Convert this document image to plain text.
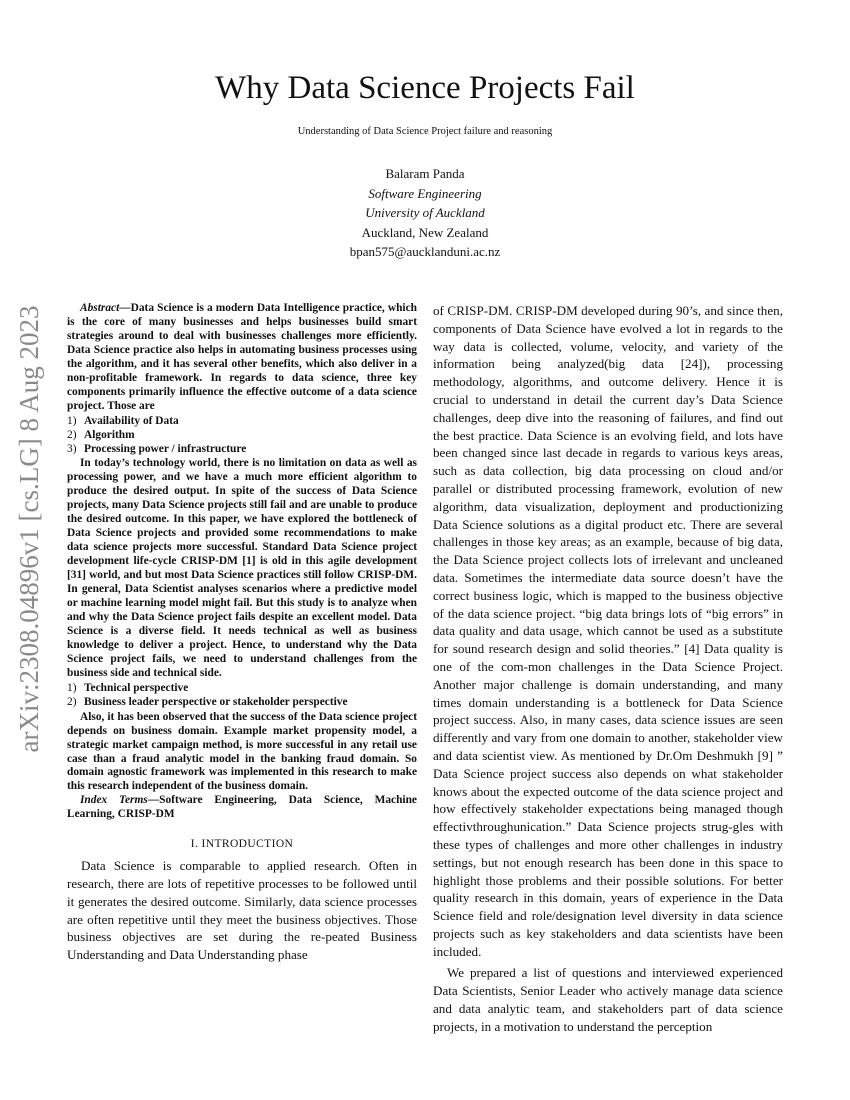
Why Data Science Projects Fail
Understanding of Data Science Project failure and reasoning
Balaram Panda
Software Engineering
University of Auckland
Auckland, New Zealand
bpan575@aucklanduni.ac.nz
arXiv:2308.04896v1 [cs.LG] 8 Aug 2023	Abstract—Data Science is a modern Data Intelligence practice, which is the core of many businesses and helps businesses build smart strategies around to deal with businesses challenges more efficiently. Data Science practice also helps in automating business processes using the algorithm, and it has several other benefits, which also deliver in a non-profitable framework. In regards to data science, three key components primarily influence the effective outcome of a data science project. Those are

1 ) Availability of Data
2 ) Algorithm
3 ) Processing power / infrastructure

In today’s technology world, there is no limitation on data as well as processing power, and we have a much more efficient algorithm to produce the desired output. In spite of the success of Data Science projects, many Data Science projects still fail and are unable to produce the desired outcome. In this paper, we have explored the bottleneck of Data Science projects and provided some recommendations to make data science projects more successful. Standard Data Science project development life-cycle CRISP-DM [1] is old in this agile development [31] world, and but most Data Science practices still follow CRISP-DM. In general, Data Scientist analyses scenarios where a predictive model or machine learning model might fail. But this study is to analyze when and why the Data Science project fails despite an excellent model. Data Science is a diverse field. It needs technical as well as business knowledge to deliver a project. Hence, to understand why the Data Science project fails, we need to understand challenges from the business side and technical side.

1 ) Technical perspective
2 ) Business leader perspective or stakeholder perspective

Also, it has been observed that the success of the Data science project depends on business domain. Example market propensity model, a strategic market campaign method, is more successful in any retail use case than a fraud analytic model in the banking fraud domain. So domain agnostic framework was implemented in this research to make this research independent of the business domain.

Index Terms—Software Engineering, Data Science, Machine Learning, CRISP-DM

I. INTRODUCTION

Data Science is comparable to applied research. Often in research, there are lots of repetitive processes to be followed until it generates the desired outcome. Similarly, data science processes are often repetitive until they meet the business objectives. Those business objectives are set during the re-peated Business Understanding and Data Understanding phase

of CRISP-DM. CRISP-DM developed during 90’s, and since then, components of Data Science have evolved a lot in regards to the way data is collected, volume, velocity, and variety of the information being analyzed(big data [24]), processing methodology, algorithms, and outcome delivery. Hence it is crucial to understand in detail the current day’s Data Science challenges, deep dive into the reasoning of failures, and find out the best practice. Data Science is an evolving field, and lots have been changed since last decade in regards to various keys areas, such as data collection, big data processing on cloud and/or parallel or distributed processing framework, evolution of new algorithm, data visualization, deployment and productionizing Data Science solutions as a digital product etc. There are several challenges in those key areas; as an example, because of big data, the Data Science project collects lots of irrelevant and uncleaned data. Sometimes the intermediate data source doesn’t have the correct business logic, which is mapped to the business objective of the data science project. “big data brings lots of “big errors” in data quality and data usage, which cannot be used as a substitute for sound research design and solid theories.” [4] Data quality is one of the com-mon challenges in the Data Science Project. Another major challenge is domain understanding, and many times domain understanding is a bottleneck for Data Science project success. Also, in many cases, data science issues are seen differently and vary from one domain to another, stakeholder view and data scientist view. As mentioned by Dr.Om Deshmukh [9] ” Data Science project success also depends on what stakeholder knows about the expected outcome of the data science project and how effectively stakeholder expectations being managed though effectivthroughunication.” Data Science projects strug-gles with these types of challenges and more other challenges in industry settings, but not enough research has been done in this space to highlight those problems and their possible solutions. For better quality research in this domain, years of experience in the Data Science field and role/designation level diversity in data science projects such as key stakeholders and data scientists have been included.

We prepared a list of questions and interviewed experienced Data Scientists, Senior Leader who actively manage data science and data analytic team, and stakeholders part of data science projects, in a motivation to understand the perception
